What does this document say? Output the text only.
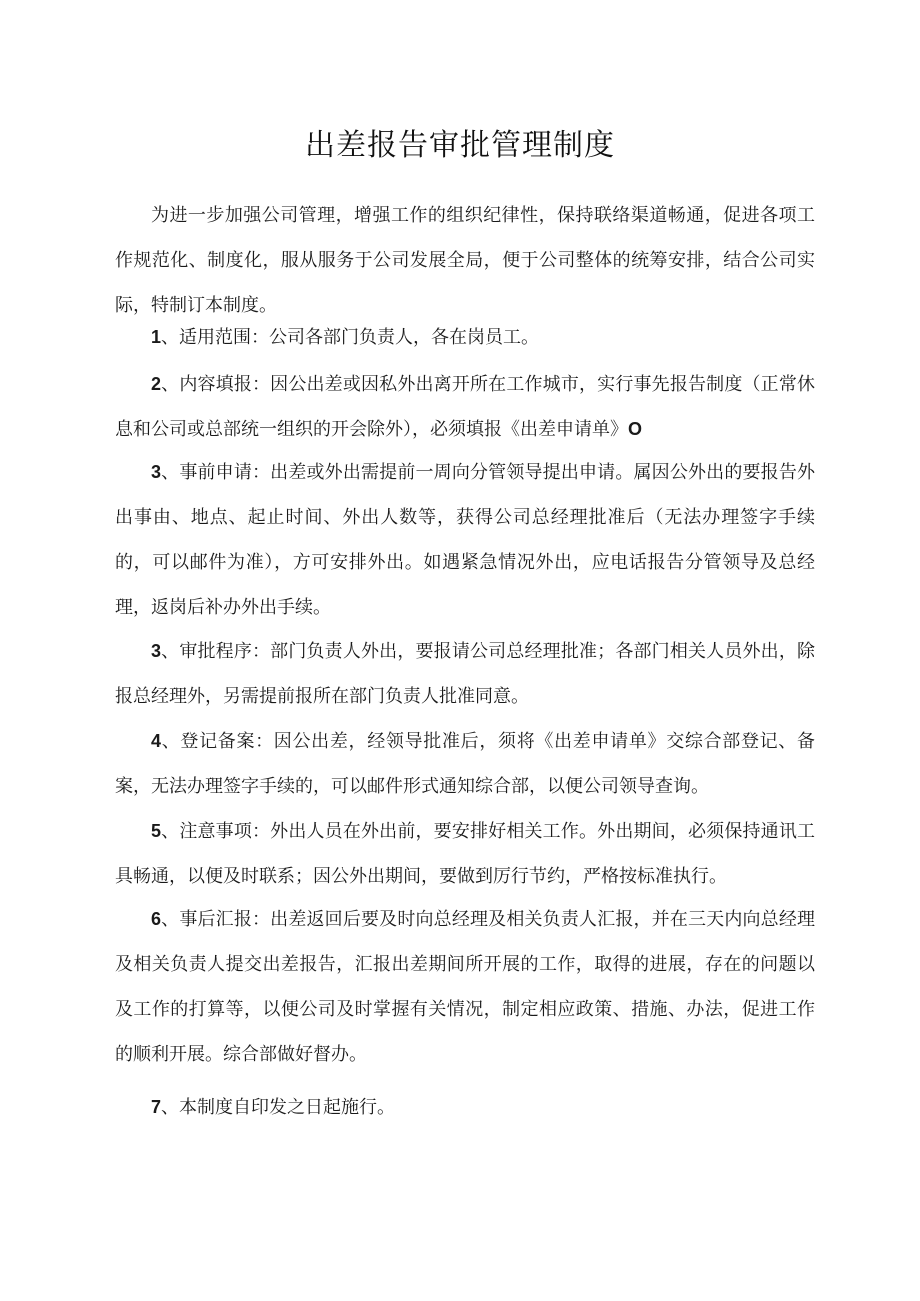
出差报告审批管理制度

为进一步加强公司管理，增强工作的组织纪律性，保持联络渠道畅通，促进各项工作规范化、制度化，服从服务于公司发展全局，便于公司整体的统筹安排，结合公司实际，特制订本制度。

1、适用范围：公司各部门负责人，各在岗员工。

2、内容填报：因公出差或因私外出离开所在工作城市，实行事先报告制度（正常休息和公司或总部统一组织的开会除外），必须填报《出差申请单》O

3、事前申请：出差或外出需提前一周向分管领导提出申请。属因公外出的要报告外出事由、地点、起止时间、外出人数等，获得公司总经理批准后（无法办理签字手续的，可以邮件为准），方可安排外出。如遇紧急情况外出，应电话报告分管领导及总经理，返岗后补办外出手续。

3、审批程序：部门负责人外出，要报请公司总经理批准；各部门相关人员外出，除报总经理外，另需提前报所在部门负责人批准同意。

4、登记备案：因公出差，经领导批准后，须将《出差申请单》交综合部登记、备案，无法办理签字手续的，可以邮件形式通知综合部，以便公司领导查询。

5、注意事项：外出人员在外出前，要安排好相关工作。外出期间，必须保持通讯工具畅通，以便及时联系；因公外出期间，要做到厉行节约，严格按标准执行。

6、事后汇报：出差返回后要及时向总经理及相关负责人汇报，并在三天内向总经理及相关负责人提交出差报告，汇报出差期间所开展的工作，取得的进展，存在的问题以及工作的打算等，以便公司及时掌握有关情况，制定相应政策、措施、办法，促进工作的顺利开展。综合部做好督办。

7、本制度自印发之日起施行。
